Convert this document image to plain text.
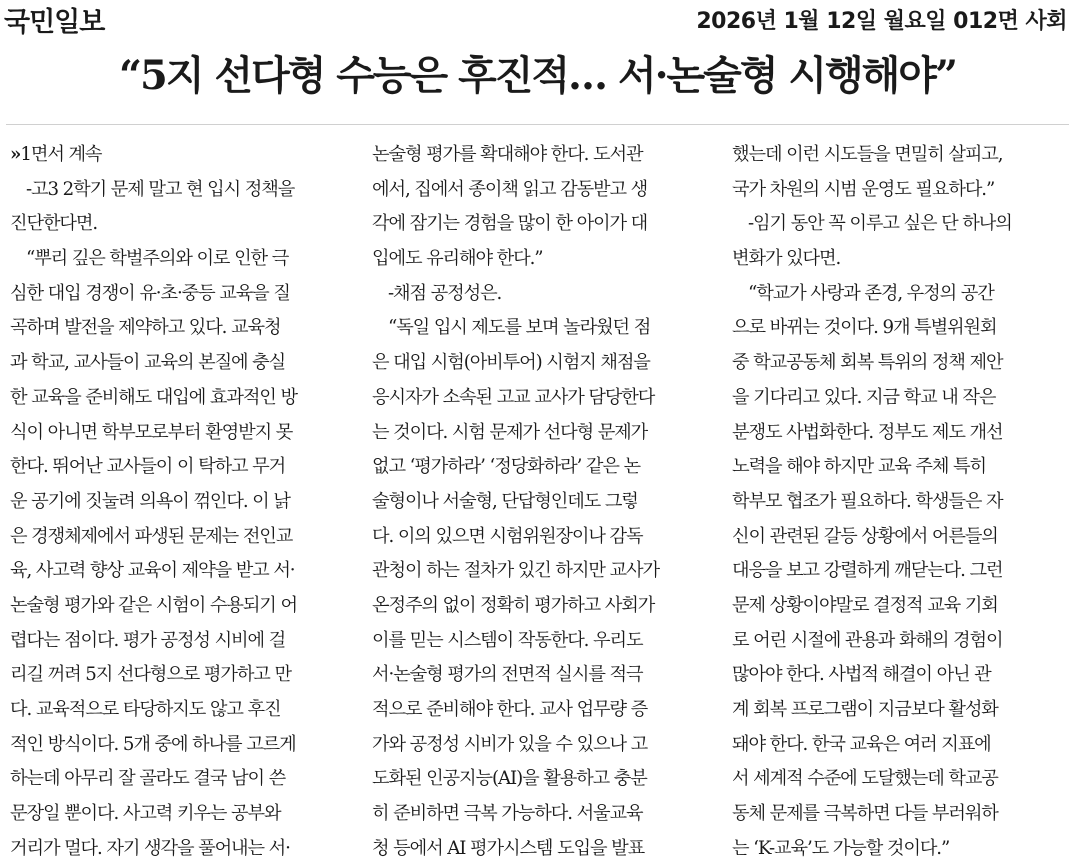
국민일보	2026년 1월 12일 월요일 012면 사회
“5지 선다형 수능은 후진적… 서·논술형 시행해야”
» 1면서 계속
-고3 2학기 문제 말고 현 입시 정책을
진단한다면.
“뿌리 깊은 학벌주의와 이로 인한 극
심한 대입 경쟁이 유·초·중등 교육을 질
곡하며 발전을 제약하고 있다. 교육청
과 학교, 교사들이 교육의 본질에 충실
한 교육을 준비해도 대입에 효과적인 방
식이 아니면 학부모로부터 환영받지 못
한다. 뛰어난 교사들이 이 탁하고 무거
운 공기에 짓눌려 의욕이 꺾인다. 이 낡
은 경쟁체제에서 파생된 문제는 전인교
육, 사고력 향상 교육이 제약을 받고 서·
논술형 평가와 같은 시험이 수용되기 어
렵다는 점이다. 평가 공정성 시비에 걸
리길 꺼려 5지 선다형으로 평가하고 만
다. 교육적으로 타당하지도 않고 후진
적인 방식이다. 5개 중에 하나를 고르게
하는데 아무리 잘 골라도 결국 남이 쓴
문장일 뿐이다. 사고력 키우는 공부와
거리가 멀다. 자기 생각을 풀어내는 서·
논술형 평가를 확대해야 한다. 도서관
에서, 집에서 종이책 읽고 감동받고 생
각에 잠기는 경험을 많이 한 아이가 대
입에도 유리해야 한다.”
-채점 공정성은.
“독일 입시 제도를 보며 놀라웠던 점
은 대입 시험(아비투어) 시험지 채점을
응시자가 소속된 고교 교사가 담당한다
는 것이다. 시험 문제가 선다형 문제가
없고 ‘평가하라’ ‘정당화하라’ 같은 논
술형이나 서술형, 단답형인데도 그렇
다. 이의 있으면 시험위원장이나 감독
관청이 하는 절차가 있긴 하지만 교사가
온정주의 없이 정확히 평가하고 사회가
이를 믿는 시스템이 작동한다. 우리도
서·논술형 평가의 전면적 실시를 적극
적으로 준비해야 한다. 교사 업무량 증
가와 공정성 시비가 있을 수 있으나 고
도화된 인공지능(AI)을 활용하고 충분
히 준비하면 극복 가능하다. 서울교육
청 등에서 AI 평가시스템 도입을 발표
했는데 이런 시도들을 면밀히 살피고,
국가 차원의 시범 운영도 필요하다.”
-임기 동안 꼭 이루고 싶은 단 하나의
변화가 있다면.
“학교가 사랑과 존경, 우정의 공간
으로 바뀌는 것이다. 9개 특별위원회
중 학교공동체 회복 특위의 정책 제안
을 기다리고 있다. 지금 학교 내 작은
분쟁도 사법화한다. 정부도 제도 개선
노력을 해야 하지만 교육 주체 특히
학부모 협조가 필요하다. 학생들은 자
신이 관련된 갈등 상황에서 어른들의
대응을 보고 강렬하게 깨닫는다. 그런
문제 상황이야말로 결정적 교육 기회
로 어린 시절에 관용과 화해의 경험이
많아야 한다. 사법적 해결이 아닌 관
계 회복 프로그램이 지금보다 활성화
돼야 한다. 한국 교육은 여러 지표에
서 세계적 수준에 도달했는데 학교공
동체 문제를 극복하면 다들 부러워하
는 ‘K-교육’도 가능할 것이다.”
